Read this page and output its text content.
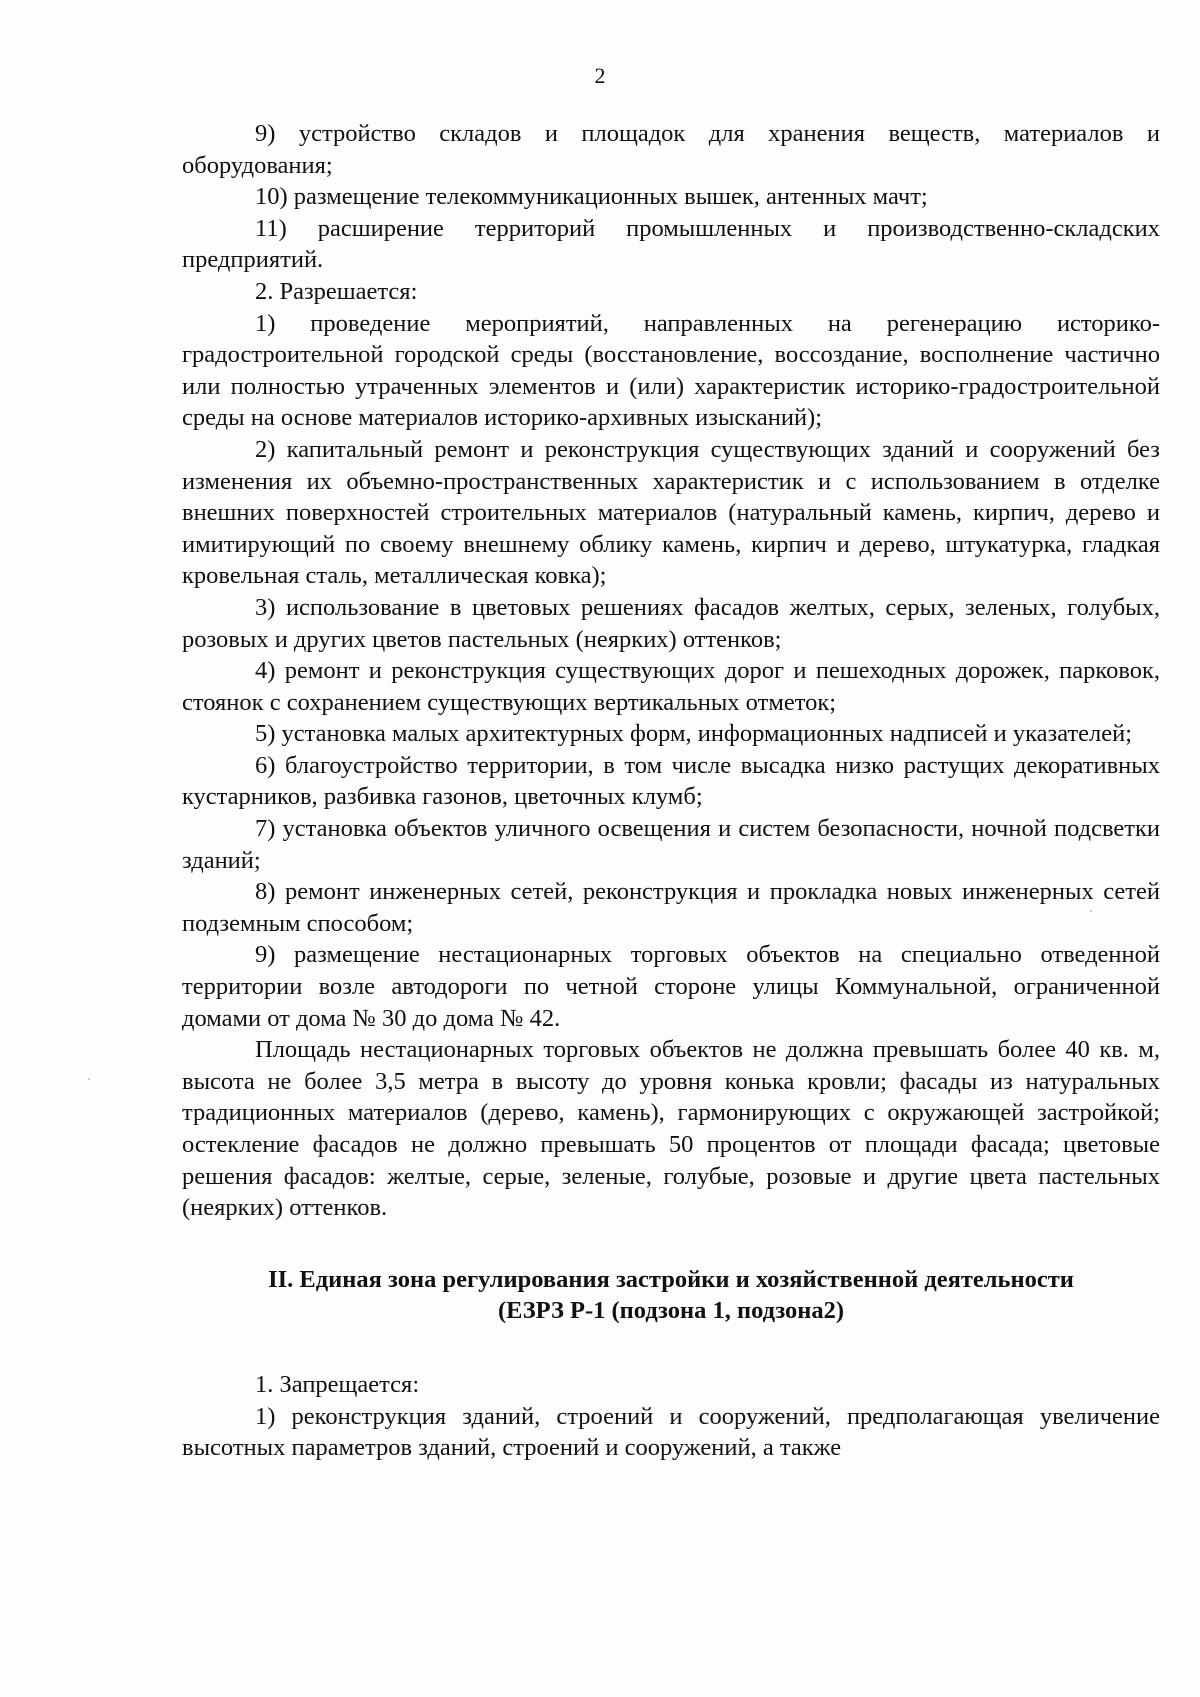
2

9) устройство складов и площадок для хранения веществ, материалов и оборудования;

10) размещение телекоммуникационных вышек, антенных мачт;

11) расширение территорий промышленных и производственно-складских предприятий.

2. Разрешается:

1) проведение мероприятий, направленных на регенерацию историко-градостроительной городской среды (восстановление, воссоздание, восполнение частично или полностью утраченных элементов и (или) характеристик историко-градостроительной среды на основе материалов историко-архивных изысканий);

2) капитальный ремонт и реконструкция существующих зданий и сооружений без изменения их объемно-пространственных характеристик и с использованием в отделке внешних поверхностей строительных материалов (натуральный камень, кирпич, дерево и имитирующий по своему внешнему облику камень, кирпич и дерево, штукатурка, гладкая кровельная сталь, металлическая ковка);

3) использование в цветовых решениях фасадов желтых, серых, зеленых, голубых, розовых и других цветов пастельных (неярких) оттенков;

4) ремонт и реконструкция существующих дорог и пешеходных дорожек, парковок, стоянок с сохранением существующих вертикальных отметок;

5) установка малых архитектурных форм, информационных надписей и указателей;

6) благоустройство территории, в том числе высадка низко растущих декоративных кустарников, разбивка газонов, цветочных клумб;

7) установка объектов уличного освещения и систем безопасности, ночной подсветки зданий;

8) ремонт инженерных сетей, реконструкция и прокладка новых инженерных сетей подземным способом;

9) размещение нестационарных торговых объектов на специально отведенной территории возле автодороги по четной стороне улицы Коммунальной, ограниченной домами от дома № 30 до дома № 42.

Площадь нестационарных торговых объектов не должна превышать более 40 кв. м, высота не более 3,5 метра в высоту до уровня конька кровли; фасады из натуральных традиционных материалов (дерево, камень), гармонирующих с окружающей застройкой; остекление фасадов не должно превышать 50 процентов от площади фасада; цветовые решения фасадов: желтые, серые, зеленые, голубые, розовые и другие цвета пастельных (неярких) оттенков.

II. Единая зона регулирования застройки и хозяйственной деятельности
(ЕЗРЗ Р-1 (подзона 1, подзона2)

1. Запрещается:

1) реконструкция зданий, строений и сооружений, предполагающая увеличение высотных параметров зданий, строений и сооружений, а также
